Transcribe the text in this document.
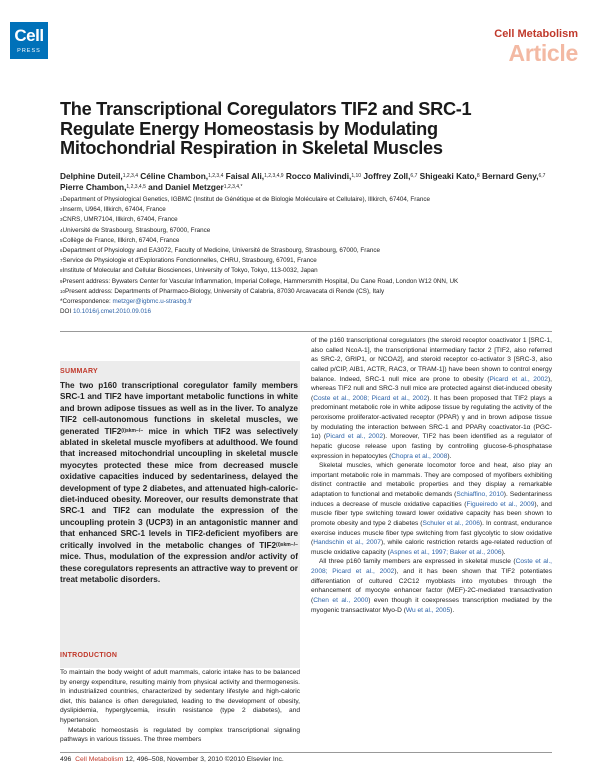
Cell
PRESS
Cell Metabolism
Article
The Transcriptional Coregulators TIF2 and SRC-1 Regulate Energy Homeostasis by Modulating Mitochondrial Respiration in Skeletal Muscles
Delphine Duteil,$^{1,2,3,4}$ Céline Chambon,$^{1,2,3,4}$ Faisal Ali,$^{1,2,3,4,9}$ Rocco Malivindi,$^{1,10}$ Joffrey Zoll,$^{6,7}$ Shigeaki Kato,$^8$ Bernard Geny,$^{6,7}$ Pierre Chambon,$^{1,2,3,4,5}$ and Daniel Metzger$^{1,2,3,4,*}$
$^1$Department of Physiological Genetics, IGBMC (Institut de Génétique et de Biologie Moléculaire et Cellulaire), Illkirch, 67404, France
$^2$Inserm, U964, Illkirch, 67404, France
$^3$CNRS, UMR7104, Illkirch, 67404, France
$^4$Université de Strasbourg, Strasbourg, 67000, France
$^5$Collège de France, Illkirch, 67404, France
$^6$Department of Physiology and EA3072, Faculty of Medicine, Université de Strasbourg, Strasbourg, 67000, France
$^7$Service de Physiologie et d'Explorations Fonctionnelles, CHRU, Strasbourg, 67091, France
$^8$Institute of Molecular and Cellular Biosciences, University of Tokyo, Tokyo, 113-0032, Japan
$^9$Present address: Bywaters Center for Vascular Inflammation, Imperial College, Hammersmith Hospital, Du Cane Road, London W12 0NN, UK
$^{10}$Present address: Departments of Pharmaco-Biology, University of Calabria, 87030 Arcavacata di Rende (CS), Italy
*Correspondence: metzger@igbmc.u-strasbg.fr
DOI 10.1016/j.cmet.2010.09.016
SUMMARY
The two p160 transcriptional coregulator family members SRC-1 and TIF2 have important metabolic functions in white and brown adipose tissues as well as in the liver. To analyze TIF2 cell-autonomous functions in skeletal muscles, we generated $TIF2^{(i)skm-/-}$ mice in which TIF2 was selectively ablated in skeletal muscle myofibers at adulthood. We found that increased mitochondrial uncoupling in skeletal muscle myocytes protected these mice from decreased muscle oxidative capacities induced by sedentariness, delayed the development of type 2 diabetes, and attenuated high-caloric-diet-induced obesity. Moreover, our results demonstrate that SRC-1 and TIF2 can modulate the expression of the uncoupling protein 3 (UCP3) in an antagonistic manner and that enhanced SRC-1 levels in TIF2-deficient myofibers are critically involved in the metabolic changes of $TIF2^{(i)skm-/-}$ mice. Thus, modulation of the expression and/or activity of these coregulators represents an attractive way to prevent or treat metabolic disorders.
INTRODUCTION
To maintain the body weight of adult mammals, caloric intake has to be balanced by energy expenditure, resulting mainly from physical activity and thermogenesis. In industrialized countries, characterized by sedentary lifestyle and high-caloric diet, this balance is often deregulated, leading to the development of obesity, dyslipidemia, hyperglycemia, insulin resistance (type 2 diabetes), and hypertension.
Metabolic homeostasis is regulated by complex transcriptional signaling pathways in various tissues. The three members
of the p160 transcriptional coregulators (the steroid receptor coactivator 1 [SRC-1, also called NcoA-1], the transcriptional intermediary factor 2 [TIF2, also referred as SRC-2, GRIP1, or NCOA2], and steroid receptor co-activator 3 [SRC-3, also called p/CIP, AIB1, ACTR, RAC3, or TRAM-1]) have been shown to control energy balance. Indeed, SRC-1 null mice are prone to obesity (Picard et al., 2002), whereas TIF2 null and SRC-3 null mice are protected against diet-induced obesity (Coste et al., 2008; Picard et al., 2002). It has been proposed that TIF2 plays a predominant metabolic role in white adipose tissue by regulating the activity of the peroxisome proliferator-activated receptor (PPAR) γ and in brown adipose tissue by modulating the interaction between SRC-1 and PPARγ coactivator-1α (PGC-1α) (Picard et al., 2002). Moreover, TIF2 has been identified as a regulator of hepatic glucose release upon fasting by controlling glucose-6-phosphatase expression in hepatocytes (Chopra et al., 2008).
Skeletal muscles, which generate locomotor force and heat, also play an important metabolic role in mammals. They are composed of myofibers exhibiting distinct contractile and metabolic properties and they display a remarkable adaptation to functional and metabolic demands (Schiaffino, 2010). Sedentariness induces a decrease of muscle oxidative capacities (Figueiredo et al., 2009), and muscle fiber type switching toward lower oxidative capacity has been shown to promote obesity and type 2 diabetes (Schuler et al., 2006). In contrast, endurance exercise induces muscle fiber type switching from fast glycolytic to slow oxidative (Handschin et al., 2007), while caloric restriction retards age-related reduction of muscle oxidative capacity (Aspnes et al., 1997; Baker et al., 2006).
All three p160 family members are expressed in skeletal muscle (Coste et al., 2008; Picard et al., 2002), and it has been shown that TIF2 potentiates differentiation of cultured C2C12 myoblasts into myotubes through the enhancement of myocyte enhancer factor (MEF)-2C-mediated transactivation (Chen et al., 2000) even though it coexpresses transcription mediated by the myogenic transactivator Myo-D (Wu et al., 2005).
496 Cell Metabolism 12, 496–508, November 3, 2010 ©2010 Elsevier Inc.
